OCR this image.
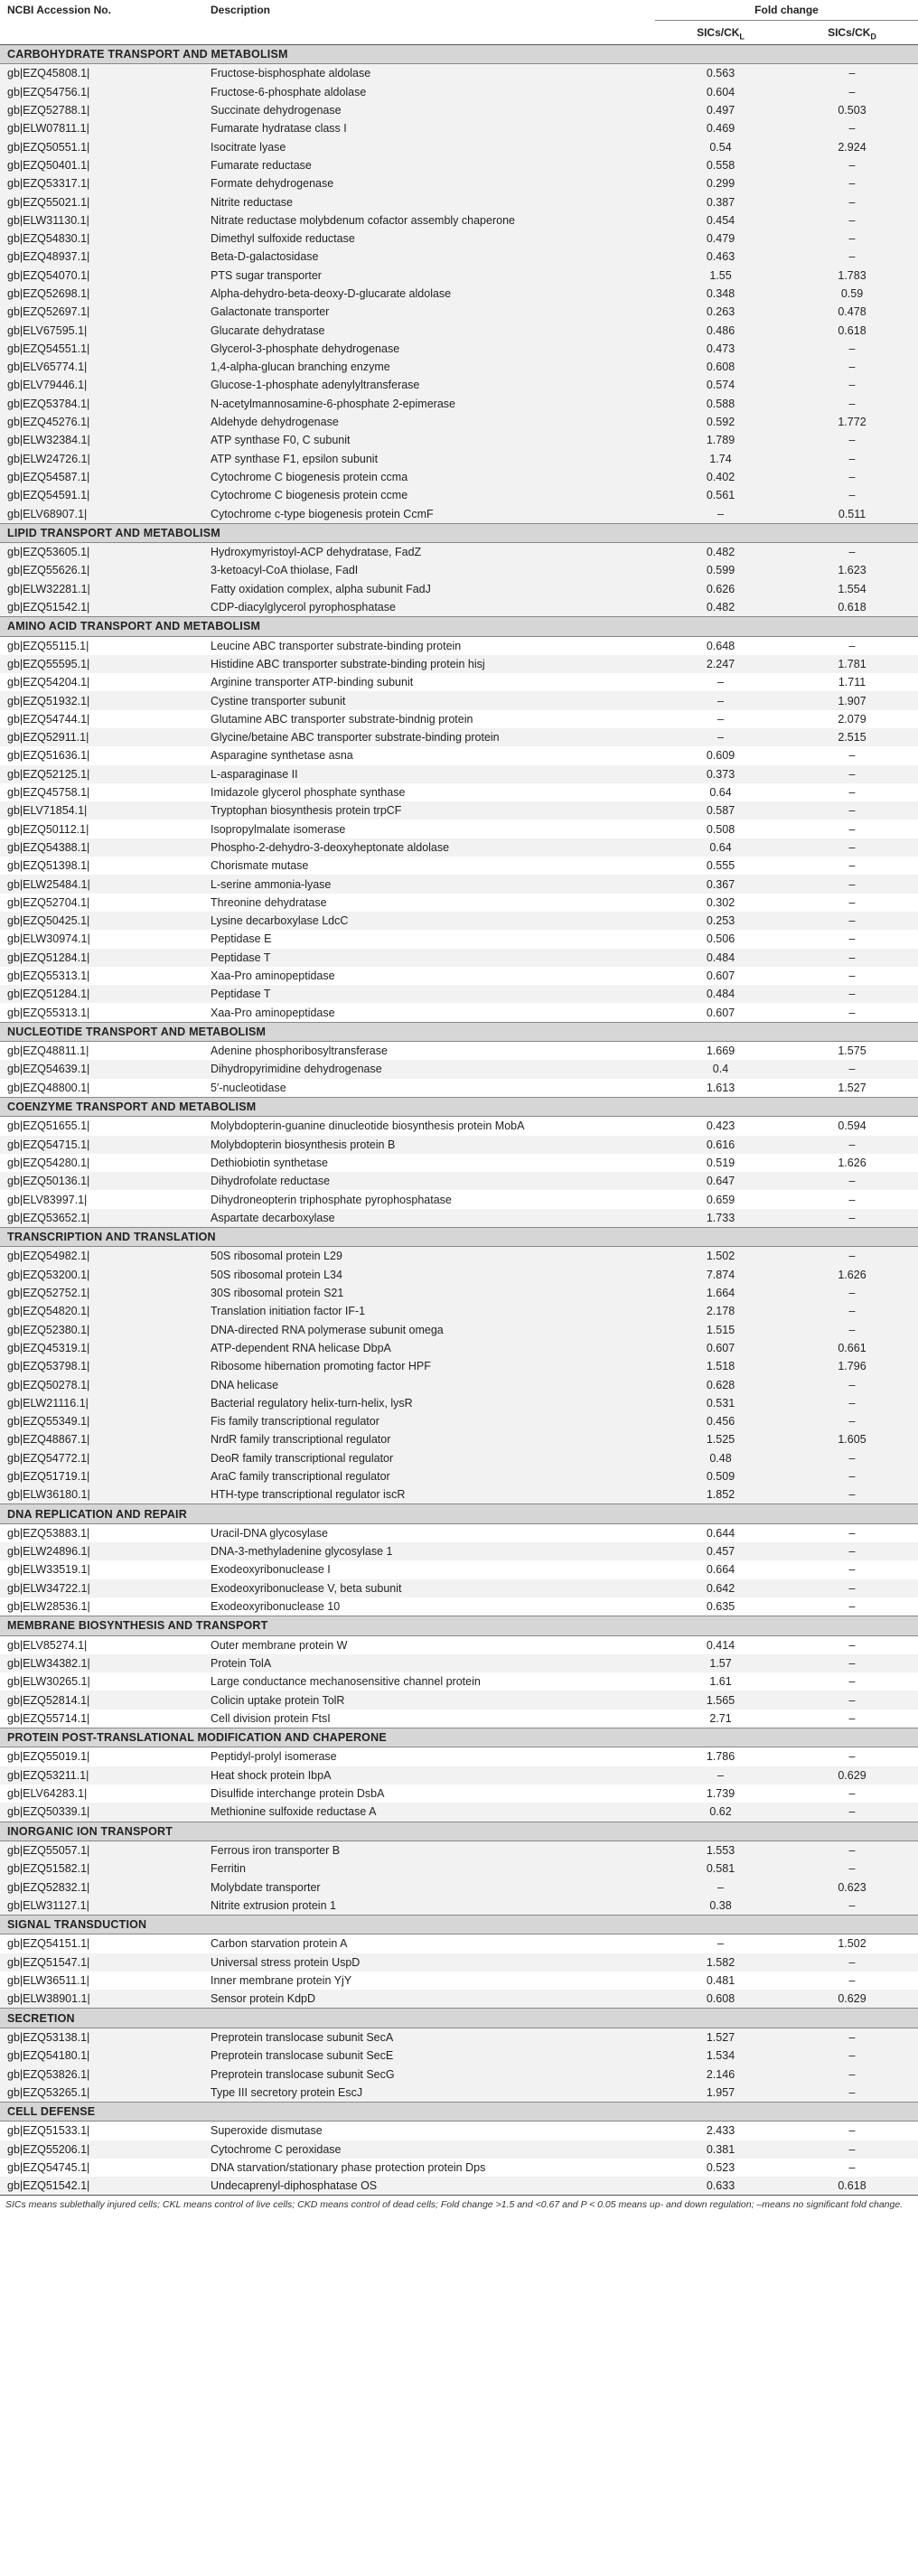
NCBI Accession No.	Description	Fold change	
		SICs/$CK_L$	SICs/$CK_D$
CARBOHYDRATE TRANSPORT AND METABOLISM			
gb|EZQ45808.1|	Fructose-bisphosphate aldolase	0.563	–
gb|EZQ54756.1|	Fructose-6-phosphate aldolase	0.604	–
gb|EZQ52788.1|	Succinate dehydrogenase	0.497	0.503
gb|ELW07811.1|	Fumarate hydratase class I	0.469	–
gb|EZQ50551.1|	Isocitrate lyase	0.54	2.924
gb|EZQ50401.1|	Fumarate reductase	0.558	–
gb|EZQ53317.1|	Formate dehydrogenase	0.299	–
gb|EZQ55021.1|	Nitrite reductase	0.387	–
gb|ELW31130.1|	Nitrate reductase molybdenum cofactor assembly chaperone	0.454	–
gb|EZQ54830.1|	Dimethyl sulfoxide reductase	0.479	–
gb|EZQ48937.1|	Beta-D-galactosidase	0.463	–
gb|EZQ54070.1|	PTS sugar transporter	1.55	1.783
gb|EZQ52698.1|	Alpha-dehydro-beta-deoxy-D-glucarate aldolase	0.348	0.59
gb|EZQ52697.1|	Galactonate transporter	0.263	0.478
gb|ELV67595.1|	Glucarate dehydratase	0.486	0.618
gb|EZQ54551.1|	Glycerol-3-phosphate dehydrogenase	0.473	–
gb|ELV65774.1|	1,4-alpha-glucan branching enzyme	0.608	–
gb|ELV79446.1|	Glucose-1-phosphate adenylyltransferase	0.574	–
gb|EZQ53784.1|	N-acetylmannosamine-6-phosphate 2-epimerase	0.588	–
gb|EZQ45276.1|	Aldehyde dehydrogenase	0.592	1.772
gb|ELW32384.1|	ATP synthase F0, C subunit	1.789	–
gb|ELW24726.1|	ATP synthase F1, epsilon subunit	1.74	–
gb|EZQ54587.1|	Cytochrome C biogenesis protein ccma	0.402	–
gb|EZQ54591.1|	Cytochrome C biogenesis protein ccme	0.561	–
gb|ELV68907.1|	Cytochrome c-type biogenesis protein CcmF	–	0.511
LIPID TRANSPORT AND METABOLISM			
gb|EZQ53605.1|	Hydroxymyristoyl-ACP dehydratase, FadZ	0.482	–
gb|EZQ55626.1|	3-ketoacyl-CoA thiolase, FadI	0.599	1.623
gb|ELW32281.1|	Fatty oxidation complex, alpha subunit FadJ	0.626	1.554
gb|EZQ51542.1|	CDP-diacylglycerol pyrophosphatase	0.482	0.618
AMINO ACID TRANSPORT AND METABOLISM			
gb|EZQ55115.1|	Leucine ABC transporter substrate-binding protein	0.648	–
gb|EZQ55595.1|	Histidine ABC transporter substrate-binding protein hisj	2.247	1.781
gb|EZQ54204.1|	Arginine transporter ATP-binding subunit	–	1.711
gb|EZQ51932.1|	Cystine transporter subunit	–	1.907
gb|EZQ54744.1|	Glutamine ABC transporter substrate-bindnig protein	–	2.079
gb|EZQ52911.1|	Glycine/betaine ABC transporter substrate-binding protein	–	2.515
gb|EZQ51636.1|	Asparagine synthetase asna	0.609	–
gb|EZQ52125.1|	L-asparaginase II	0.373	–
gb|EZQ45758.1|	Imidazole glycerol phosphate synthase	0.64	–
gb|ELV71854.1|	Tryptophan biosynthesis protein trpCF	0.587	–
gb|EZQ50112.1|	Isopropylmalate isomerase	0.508	–
gb|EZQ54388.1|	Phospho-2-dehydro-3-deoxyheptonate aldolase	0.64	–
gb|EZQ51398.1|	Chorismate mutase	0.555	–
gb|ELW25484.1|	L-serine ammonia-lyase	0.367	–
gb|EZQ52704.1|	Threonine dehydratase	0.302	–
gb|EZQ50425.1|	Lysine decarboxylase LdcC	0.253	–
gb|ELW30974.1|	Peptidase E	0.506	–
gb|EZQ51284.1|	Peptidase T	0.484	–
gb|EZQ55313.1|	Xaa-Pro aminopeptidase	0.607	–
gb|EZQ51284.1|	Peptidase T	0.484	–
gb|EZQ55313.1|	Xaa-Pro aminopeptidase	0.607	–
NUCLEOTIDE TRANSPORT AND METABOLISM			
gb|EZQ48811.1|	Adenine phosphoribosyltransferase	1.669	1.575
gb|EZQ54639.1|	Dihydropyrimidine dehydrogenase	0.4	–
gb|EZQ48800.1|	5′-nucleotidase	1.613	1.527
COENZYME TRANSPORT AND METABOLISM			
gb|EZQ51655.1|	Molybdopterin-guanine dinucleotide biosynthesis protein MobA	0.423	0.594
gb|EZQ54715.1|	Molybdopterin biosynthesis protein B	0.616	–
gb|EZQ54280.1|	Dethiobiotin synthetase	0.519	1.626
gb|EZQ50136.1|	Dihydrofolate reductase	0.647	–
gb|ELV83997.1|	Dihydroneopterin triphosphate pyrophosphatase	0.659	–
gb|EZQ53652.1|	Aspartate decarboxylase	1.733	–
TRANSCRIPTION AND TRANSLATION			
gb|EZQ54982.1|	50S ribosomal protein L29	1.502	–
gb|EZQ53200.1|	50S ribosomal protein L34	7.874	1.626
gb|EZQ52752.1|	30S ribosomal protein S21	1.664	–
gb|EZQ54820.1|	Translation initiation factor IF-1	2.178	–
gb|EZQ52380.1|	DNA-directed RNA polymerase subunit omega	1.515	–
gb|EZQ45319.1|	ATP-dependent RNA helicase DbpA	0.607	0.661
gb|EZQ53798.1|	Ribosome hibernation promoting factor HPF	1.518	1.796
gb|EZQ50278.1|	DNA helicase	0.628	–
gb|ELW21116.1|	Bacterial regulatory helix-turn-helix, lysR	0.531	–
gb|EZQ55349.1|	Fis family transcriptional regulator	0.456	–
gb|EZQ48867.1|	NrdR family transcriptional regulator	1.525	1.605
gb|EZQ54772.1|	DeoR family transcriptional regulator	0.48	–
gb|EZQ51719.1|	AraC family transcriptional regulator	0.509	–
gb|ELW36180.1|	HTH-type transcriptional regulator iscR	1.852	–
DNA REPLICATION AND REPAIR			
gb|EZQ53883.1|	Uracil-DNA glycosylase	0.644	–
gb|ELW24896.1|	DNA-3-methyladenine glycosylase 1	0.457	–
gb|ELW33519.1|	Exodeoxyribonuclease I	0.664	–
gb|ELW34722.1|	Exodeoxyribonuclease V, beta subunit	0.642	–
gb|ELW28536.1|	Exodeoxyribonuclease 10	0.635	–
MEMBRANE BIOSYNTHESIS AND TRANSPORT			
gb|ELV85274.1|	Outer membrane protein W	0.414	–
gb|ELW34382.1|	Protein TolA	1.57	–
gb|ELW30265.1|	Large conductance mechanosensitive channel protein	1.61	–
gb|EZQ52814.1|	Colicin uptake protein TolR	1.565	–
gb|EZQ55714.1|	Cell division protein FtsI	2.71	–
PROTEIN POST-TRANSLATIONAL MODIFICATION AND CHAPERONE			
gb|EZQ55019.1|	Peptidyl-prolyl isomerase	1.786	–
gb|EZQ53211.1|	Heat shock protein IbpA	–	0.629
gb|ELV64283.1|	Disulfide interchange protein DsbA	1.739	–
gb|EZQ50339.1|	Methionine sulfoxide reductase A	0.62	–
INORGANIC ION TRANSPORT			
gb|EZQ55057.1|	Ferrous iron transporter B	1.553	–
gb|EZQ51582.1|	Ferritin	0.581	–
gb|EZQ52832.1|	Molybdate transporter	–	0.623
gb|ELW31127.1|	Nitrite extrusion protein 1	0.38	–
SIGNAL TRANSDUCTION			
gb|EZQ54151.1|	Carbon starvation protein A	–	1.502
gb|EZQ51547.1|	Universal stress protein UspD	1.582	–
gb|ELW36511.1|	Inner membrane protein YjY	0.481	–
gb|ELW38901.1|	Sensor protein KdpD	0.608	0.629
SECRETION			
gb|EZQ53138.1|	Preprotein translocase subunit SecA	1.527	–
gb|EZQ54180.1|	Preprotein translocase subunit SecE	1.534	–
gb|EZQ53826.1|	Preprotein translocase subunit SecG	2.146	–
gb|EZQ53265.1|	Type III secretory protein EscJ	1.957	–
CELL DEFENSE			
gb|EZQ51533.1|	Superoxide dismutase	2.433	–
gb|EZQ55206.1|	Cytochrome C peroxidase	0.381	–
gb|EZQ54745.1|	DNA starvation/stationary phase protection protein Dps	0.523	–
gb|EZQ51542.1|	Undecaprenyl-diphosphatase OS	0.633	0.618
SICs means sublethally injured cells; CKL means control of live cells; CKD means control of dead cells; Fold change >1.5 and <0.67 and P < 0.05 means up- and down regulation; –means no significant fold change.
